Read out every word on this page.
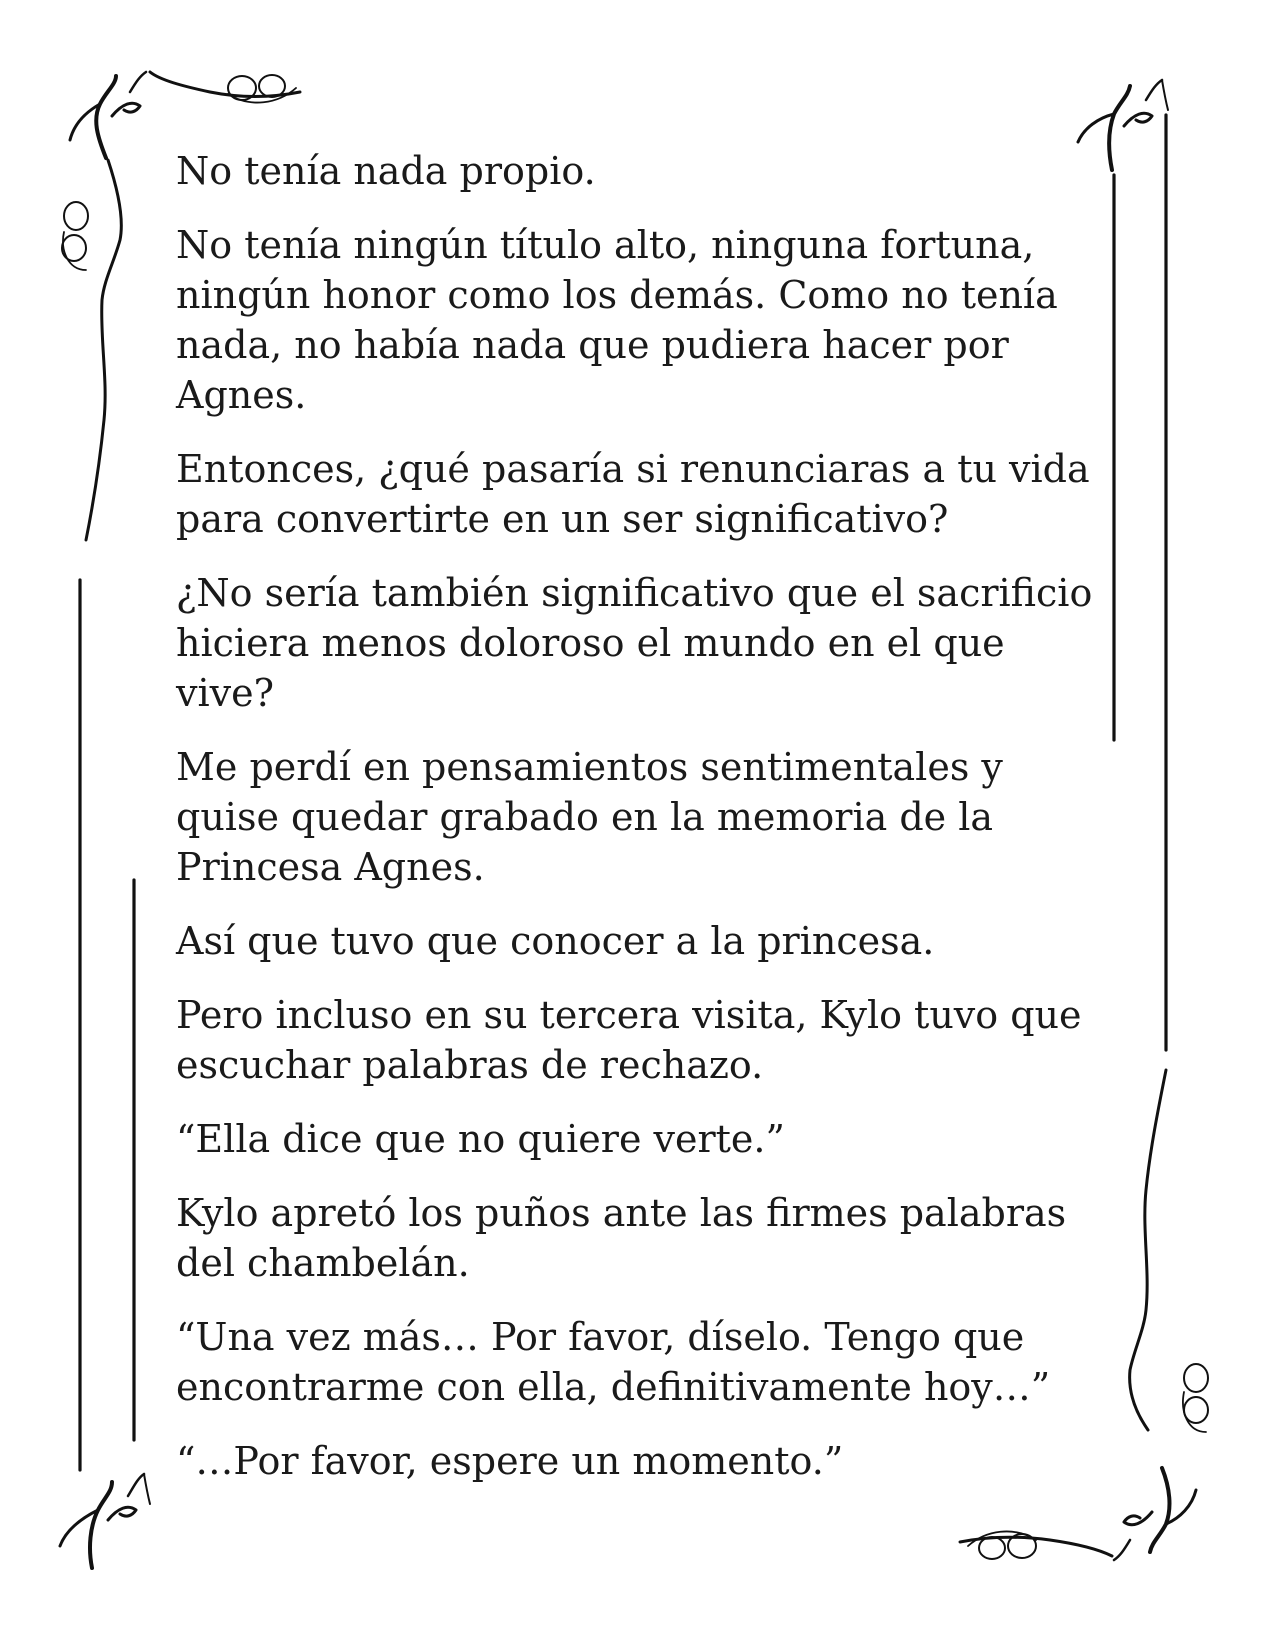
No tenía nada propio.

No tenía ningún título alto, ninguna fortuna, ningún honor como los demás. Como no tenía nada, no había nada que pudiera hacer por Agnes.

Entonces, ¿qué pasaría si renunciaras a tu vida para convertirte en un ser significativo?

¿No sería también significativo que el sacrificio hiciera menos doloroso el mundo en el que vive?

Me perdí en pensamientos sentimentales y quise quedar grabado en la memoria de la Princesa Agnes.

Así que tuvo que conocer a la princesa.

Pero incluso en su tercera visita, Kylo tuvo que escuchar palabras de rechazo.

“Ella dice que no quiere verte.”

Kylo apretó los puños ante las firmes palabras del chambelán.

“Una vez más… Por favor, díselo. Tengo que encontrarme con ella, definitivamente hoy…”

“…Por favor, espere un momento.”
